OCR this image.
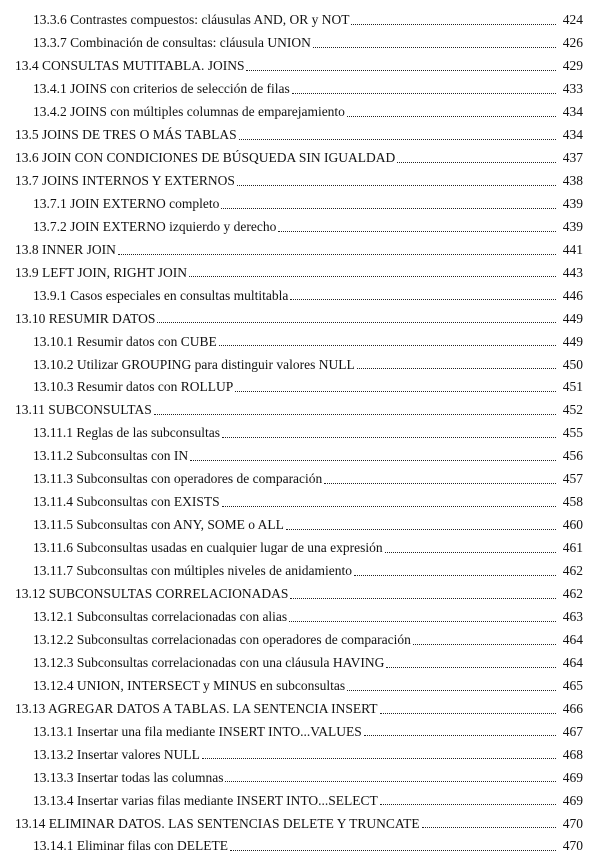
13.3.6 Contrastes compuestos: cláusulas AND, OR y NOT	424
13.3.7 Combinación de consultas: cláusula UNION	426
13.4 CONSULTAS MUTITABLA. JOINS	429
13.4.1 JOINS con criterios de selección de filas	433
13.4.2 JOINS con múltiples columnas de emparejamiento	434
13.5 JOINS DE TRES O MÁS TABLAS	434
13.6 JOIN CON CONDICIONES DE BÚSQUEDA SIN IGUALDAD	437
13.7 JOINS INTERNOS Y EXTERNOS	438
13.7.1 JOIN EXTERNO completo	439
13.7.2 JOIN EXTERNO izquierdo y derecho	439
13.8 INNER JOIN	441
13.9 LEFT JOIN, RIGHT JOIN	443
13.9.1 Casos especiales en consultas multitabla	446
13.10 RESUMIR DATOS	449
13.10.1 Resumir datos con CUBE	449
13.10.2 Utilizar GROUPING para distinguir valores NULL	450
13.10.3 Resumir datos con ROLLUP	451
13.11 SUBCONSULTAS	452
13.11.1 Reglas de las subconsultas	455
13.11.2 Subconsultas con IN	456
13.11.3 Subconsultas con operadores de comparación	457
13.11.4 Subconsultas con EXISTS	458
13.11.5 Subconsultas con ANY, SOME o ALL	460
13.11.6 Subconsultas usadas en cualquier lugar de una expresión	461
13.11.7 Subconsultas con múltiples niveles de anidamiento	462
13.12 SUBCONSULTAS CORRELACIONADAS	462
13.12.1 Subconsultas correlacionadas con alias	463
13.12.2 Subconsultas correlacionadas con operadores de comparación	464
13.12.3 Subconsultas correlacionadas con una cláusula HAVING	464
13.12.4 UNION, INTERSECT y MINUS en subconsultas	465
13.13 AGREGAR DATOS A TABLAS. LA SENTENCIA INSERT	466
13.13.1 Insertar una fila mediante INSERT INTO...VALUES	467
13.13.2 Insertar valores NULL	468
13.13.3 Insertar todas las columnas	469
13.13.4 Insertar varias filas mediante INSERT INTO...SELECT	469
13.14 ELIMINAR DATOS. LAS SENTENCIAS DELETE Y TRUNCATE	470
13.14.1 Eliminar filas con DELETE	470
